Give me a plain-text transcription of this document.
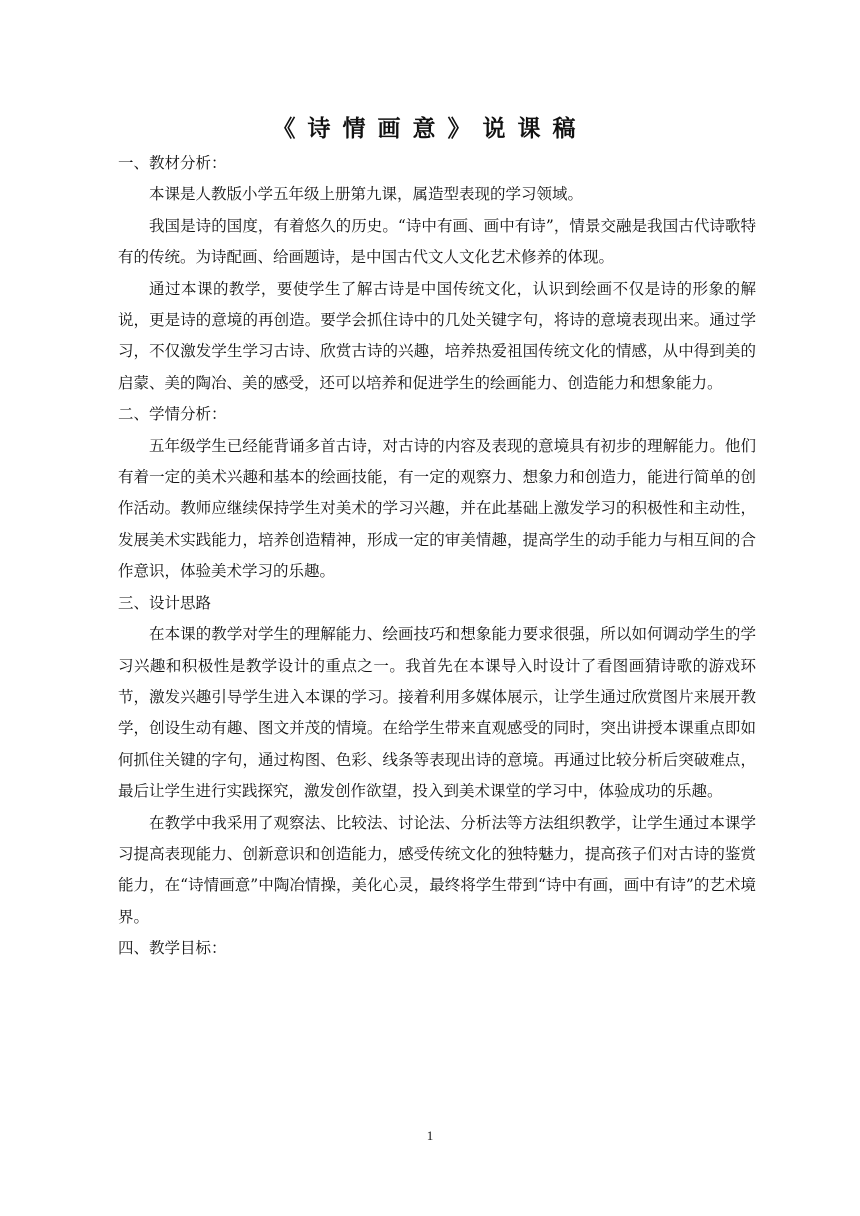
《诗情画意》说课稿

一、教材分析：

本课是人教版小学五年级上册第九课，属造型表现的学习领域。

我国是诗的国度，有着悠久的历史。“诗中有画、画中有诗”，情景交融是我国古代诗歌特有的传统。为诗配画、给画题诗，是中国古代文人文化艺术修养的体现。

通过本课的教学，要使学生了解古诗是中国传统文化，认识到绘画不仅是诗的形象的解说，更是诗的意境的再创造。要学会抓住诗中的几处关键字句，将诗的意境表现出来。通过学习，不仅激发学生学习古诗、欣赏古诗的兴趣，培养热爱祖国传统文化的情感，从中得到美的启蒙、美的陶冶、美的感受，还可以培养和促进学生的绘画能力、创造能力和想象能力。

二、学情分析：

五年级学生已经能背诵多首古诗，对古诗的内容及表现的意境具有初步的理解能力。他们有着一定的美术兴趣和基本的绘画技能，有一定的观察力、想象力和创造力，能进行简单的创作活动。教师应继续保持学生对美术的学习兴趣，并在此基础上激发学习的积极性和主动性，发展美术实践能力，培养创造精神，形成一定的审美情趣，提高学生的动手能力与相互间的合作意识，体验美术学习的乐趣。

三、设计思路

在本课的教学对学生的理解能力、绘画技巧和想象能力要求很强，所以如何调动学生的学习兴趣和积极性是教学设计的重点之一。我首先在本课导入时设计了看图画猜诗歌的游戏环节，激发兴趣引导学生进入本课的学习。接着利用多媒体展示，让学生通过欣赏图片来展开教学，创设生动有趣、图文并茂的情境。在给学生带来直观感受的同时，突出讲授本课重点即如何抓住关键的字句，通过构图、色彩、线条等表现出诗的意境。再通过比较分析后突破难点，最后让学生进行实践探究，激发创作欲望，投入到美术课堂的学习中，体验成功的乐趣。

在教学中我采用了观察法、比较法、讨论法、分析法等方法组织教学，让学生通过本课学习提高表现能力、创新意识和创造能力，感受传统文化的独特魅力，提高孩子们对古诗的鉴赏能力，在“诗情画意”中陶冶情操，美化心灵，最终将学生带到“诗中有画，画中有诗”的艺术境界。

四、教学目标：

1
